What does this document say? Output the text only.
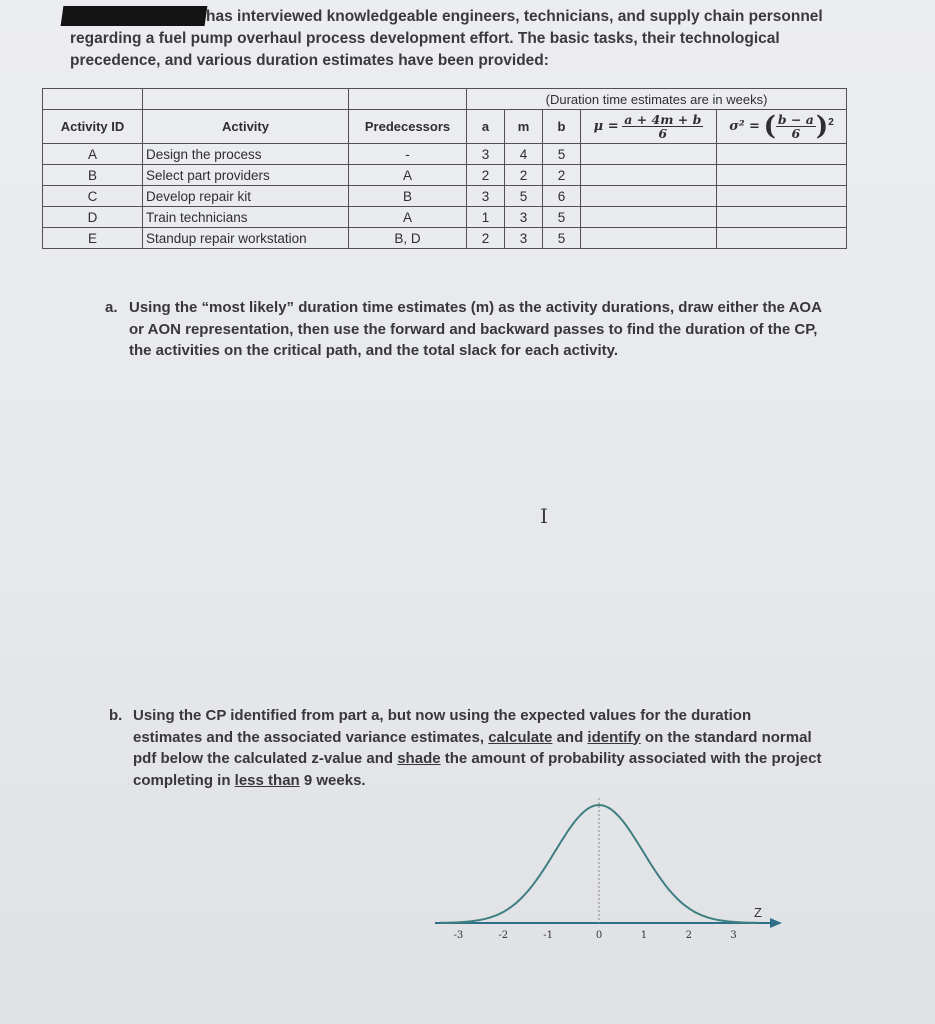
has interviewed knowledgeable engineers, technicians, and supply chain personnel
regarding a fuel pump overhaul process development effort. The basic tasks, their technological
precedence, and various duration estimates have been provided:
			(Duration time estimates are in weeks)				
Activity ID	Activity	Predecessors	a	m	b	$\mu = \frac{a + 4m + b}{6}$	σ² = ( $\frac{b - a}{6} )^2$
A	Design the process	-	3	4	5		
B	Select part providers	A	2	2	2		
C	Develop repair kit	B	3	5	6		
D	Train technicians	A	1	3	5		
E	Standup repair workstation	B, D	2	3	5		
a. Using the “most likely” duration time estimates (m) as the activity durations, draw either the AOA or AON representation, then use the forward and backward passes to find the duration of the CP, the activities on the critical path, and the total slack for each activity.
I
b. Using the CP identified from part a, but now using the expected values for the duration estimates and the associated variance estimates, calculate and identify on the standard normal pdf below the calculated z-value and shade the amount of probability associated with the project completing in less than 9 weeks.
Z
-3	-2	-1	0	1	2	3
